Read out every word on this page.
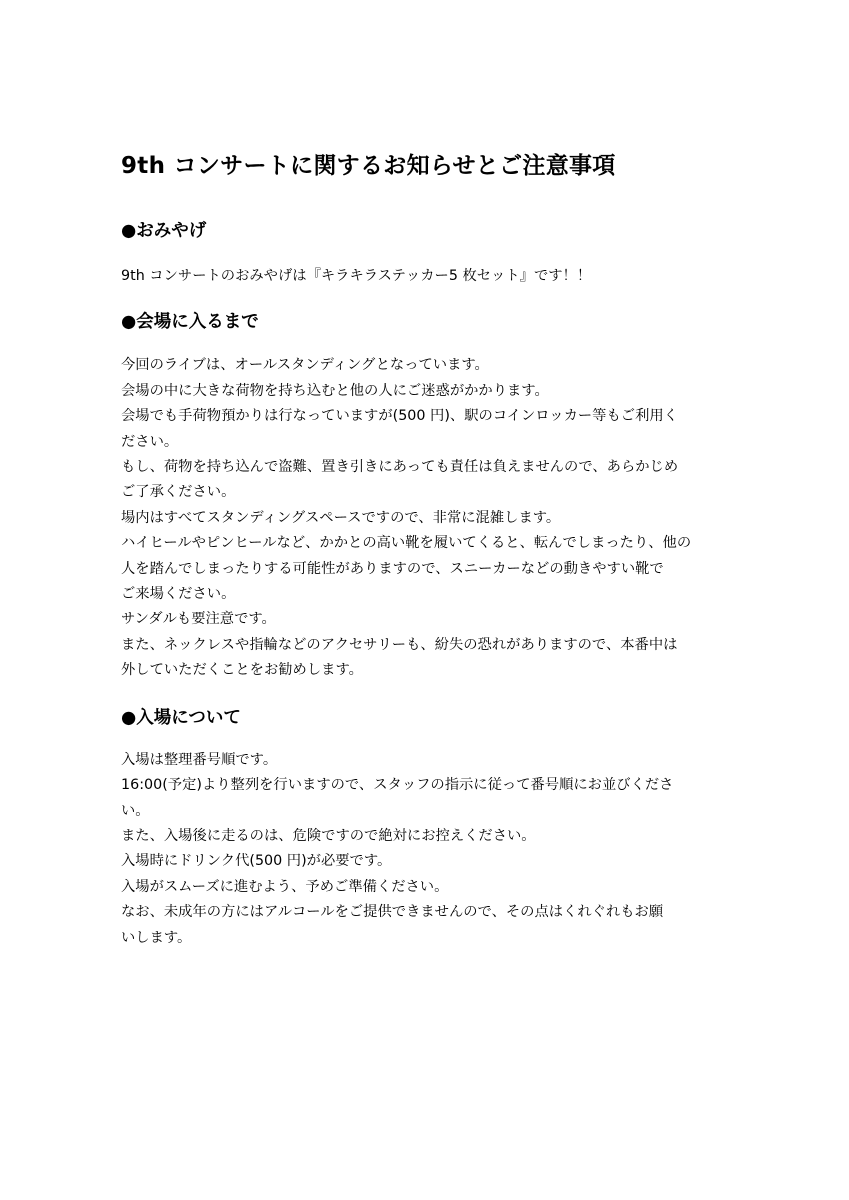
9th コンサートに関するお知らせとご注意事項
●おみやげ

9th コンサートのおみやげは『キラキラステッカー5 枚セット』です！！

●会場に入るまで

今回のライブは、オールスタンディングとなっています。

会場の中に大きな荷物を持ち込むと他の人にご迷惑がかかります。

会場でも手荷物預かりは行なっていますが(500 円)、駅のコインロッカー等もご利用く

ださい。

もし、荷物を持ち込んで盗難、置き引きにあっても責任は負えませんので、あらかじめ

ご了承ください。

場内はすべてスタンディングスペースですので、非常に混雑します。

ハイヒールやピンヒールなど、かかとの高い靴を履いてくると、転んでしまったり、他の

人を踏んでしまったりする可能性がありますので、スニーカーなどの動きやすい靴で

ご来場ください。

サンダルも要注意です。

また、ネックレスや指輪などのアクセサリーも、紛失の恐れがありますので、本番中は

外していただくことをお勧めします。

●入場について

入場は整理番号順です。

16:00(予定)より整列を行いますので、スタッフの指示に従って番号順にお並びくださ

い。

また、入場後に走るのは、危険ですので絶対にお控えください。

入場時にドリンク代(500 円)が必要です。

入場がスムーズに進むよう、予めご準備ください。

なお、未成年の方にはアルコールをご提供できませんので、その点はくれぐれもお願

いします。
